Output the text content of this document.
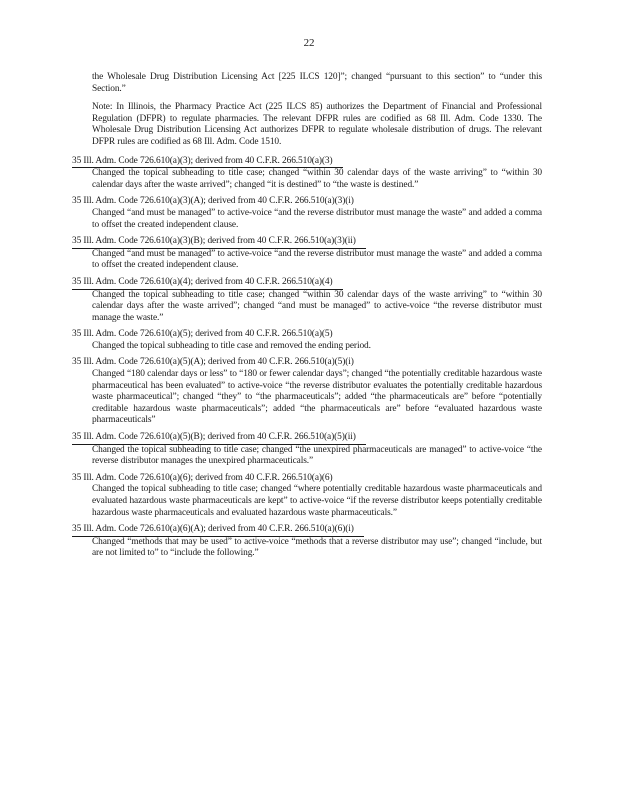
22
the Wholesale Drug Distribution Licensing Act [225 ILCS 120]”; changed “pursuant to this section” to “under this Section.”
Note: In Illinois, the Pharmacy Practice Act (225 ILCS 85) authorizes the Department of Financial and Professional Regulation (DFPR) to regulate pharmacies. The relevant DFPR rules are codified as 68 Ill. Adm. Code 1330. The Wholesale Drug Distribution Licensing Act authorizes DFPR to regulate wholesale distribution of drugs. The relevant DFPR rules are codified as 68 Ill. Adm. Code 1510.
35 Ill. Adm. Code 726.610(a)(3); derived from 40 C.F.R. 266.510(a)(3)
Changed the topical subheading to title case; changed “within 30 calendar days of the waste arriving” to “within 30 calendar days after the waste arrived”; changed “it is destined” to “the waste is destined.”
35 Ill. Adm. Code 726.610(a)(3)(A); derived from 40 C.F.R. 266.510(a)(3)(i)
Changed “and must be managed” to active-voice “and the reverse distributor must manage the waste” and added a comma to offset the created independent clause.
35 Ill. Adm. Code 726.610(a)(3)(B); derived from 40 C.F.R. 266.510(a)(3)(ii)
Changed “and must be managed” to active-voice “and the reverse distributor must manage the waste” and added a comma to offset the created independent clause.
35 Ill. Adm. Code 726.610(a)(4); derived from 40 C.F.R. 266.510(a)(4)
Changed the topical subheading to title case; changed “within 30 calendar days of the waste arriving” to “within 30 calendar days after the waste arrived”; changed “and must be managed” to active-voice “the reverse distributor must manage the waste.”
35 Ill. Adm. Code 726.610(a)(5); derived from 40 C.F.R. 266.510(a)(5)
Changed the topical subheading to title case and removed the ending period.
35 Ill. Adm. Code 726.610(a)(5)(A); derived from 40 C.F.R. 266.510(a)(5)(i)
Changed “180 calendar days or less” to “180 or fewer calendar days”; changed “the potentially creditable hazardous waste pharmaceutical has been evaluated” to active-voice “the reverse distributor evaluates the potentially creditable hazardous waste pharmaceutical”; changed “they” to “the pharmaceuticals”; added “the pharmaceuticals are” before “potentially creditable hazardous waste pharmaceuticals”; added “the pharmaceuticals are” before “evaluated hazardous waste pharmaceuticals”
35 Ill. Adm. Code 726.610(a)(5)(B); derived from 40 C.F.R. 266.510(a)(5)(ii)
Changed the topical subheading to title case; changed “the unexpired pharmaceuticals are managed” to active-voice “the reverse distributor manages the unexpired pharmaceuticals.”
35 Ill. Adm. Code 726.610(a)(6); derived from 40 C.F.R. 266.510(a)(6)
Changed the topical subheading to title case; changed “where potentially creditable hazardous waste pharmaceuticals and evaluated hazardous waste pharmaceuticals are kept” to active-voice “if the reverse distributor keeps potentially creditable hazardous waste pharmaceuticals and evaluated hazardous waste pharmaceuticals.”
35 Ill. Adm. Code 726.610(a)(6)(A); derived from 40 C.F.R. 266.510(a)(6)(i)
Changed “methods that may be used” to active-voice “methods that a reverse distributor may use”; changed “include, but are not limited to” to “include the following.”
